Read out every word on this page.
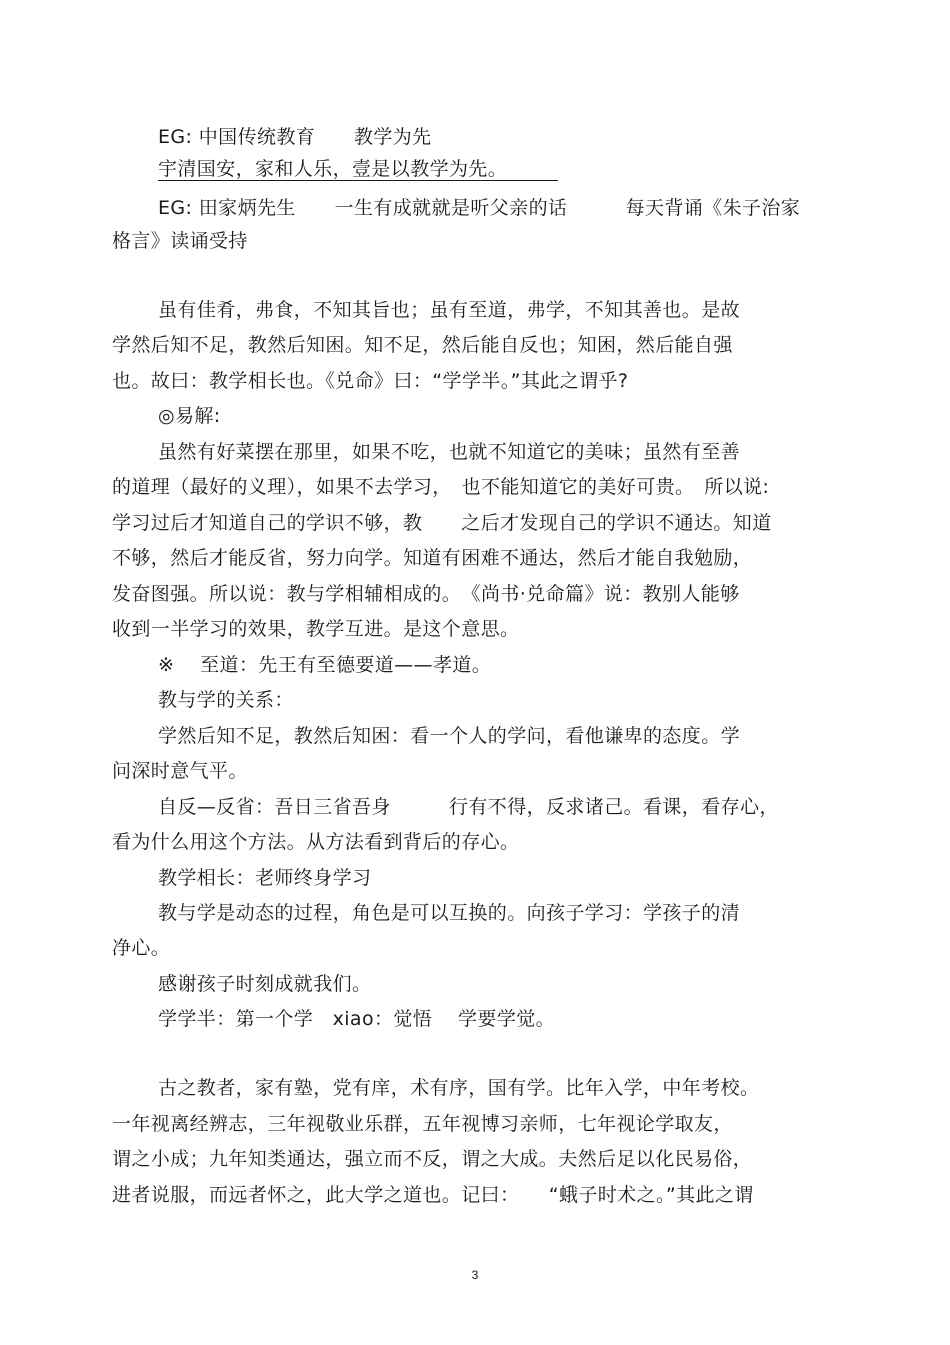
EG: 中国传统教育　　教学为先
宇清国安，家和人乐，壹是以教学为先。
EG: 田家炳先生　　一生有成就就是听父亲的话　　　每天背诵《朱子治家
格言》读诵受持
虽有佳肴，弗食，不知其旨也；虽有至道，弗学，不知其善也。是故
学然后知不足，教然后知困。知不足，然后能自反也；知困，然后能自强
也。故曰：教学相长也。《兑命》曰：“学学半。”其此之谓乎?
◎易解:
虽然有好菜摆在那里，如果不吃，也就不知道它的美味；虽然有至善
的道理（最好的义理），如果不去学习，　也不能知道它的美好可贵。　所以说:
学习过后才知道自己的学识不够，教　　之后才发现自己的学识不通达。知道
不够，然后才能反省，努力向学。知道有困难不通达，然后才能自我勉励，
发奋图强。所以说：教与学相辅相成的。　《尚书·兑命篇》说：教别人能够
收到一半学习的效果，教学互进。是这个意思。
※　 至道：先王有至德要道——孝道。
教与学的关系：
学然后知不足，教然后知困：看一个人的学问，看他谦卑的态度。学
问深时意气平。
自反—反省：吾日三省吾身　　　行有不得，反求诸己。看课，看存心，
看为什么用这个方法。从方法看到背后的存心。
教学相长：老师终身学习
教与学是动态的过程，角色是可以互换的。向孩子学习：学孩子的清
净心。
感谢孩子时刻成就我们。
学学半：第一个学　xiao：觉悟　 学要学觉。
古之教者，家有塾，党有庠，术有序，国有学。比年入学，中年考校。
一年视离经辨志，三年视敬业乐群，五年视博习亲师，七年视论学取友，
谓之小成；九年知类通达，强立而不反，谓之大成。夫然后足以化民易俗，
进者说服，而远者怀之，此大学之道也。记曰：　　“蛾子时术之。”其此之谓
3
